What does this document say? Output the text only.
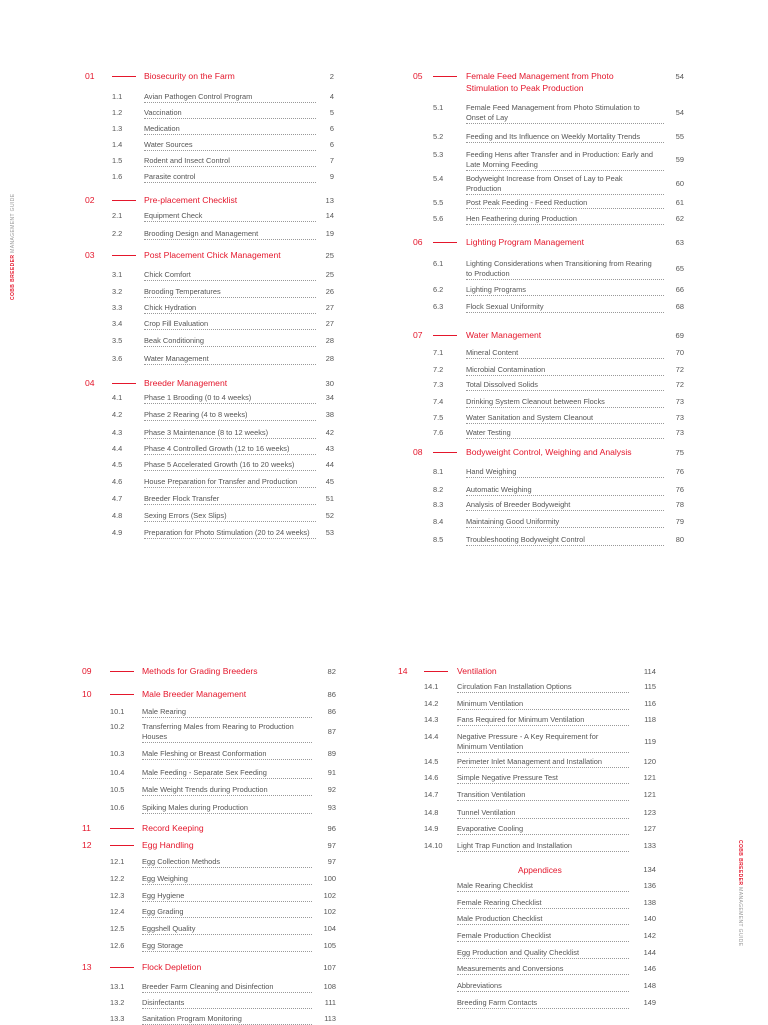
01	Biosecurity on the Farm	2
1.1	Avian Pathogen Control Program	4
1.2	Vaccination	5
1.3	Medication	6
1.4	Water Sources	6
1.5	Rodent and Insect Control	7
1.6	Parasite control	9
02	Pre-placement Checklist	13
2.1	Equipment Check	14
2.2	Brooding Design and Management	19
03	Post Placement Chick Management	25
3.1	Chick Comfort	25
3.2	Brooding Temperatures	26
3.3	Chick Hydration	27
3.4	Crop Fill Evaluation	27
3.5	Beak Conditioning	28
3.6	Water Management	28
04	Breeder Management	30
4.1	Phase 1 Brooding (0 to 4 weeks)	34
4.2	Phase 2 Rearing (4 to 8 weeks)	38
4.3	Phase 3 Maintenance (8 to 12 weeks)	42
4.4	Phase 4 Controlled Growth (12 to 16 weeks)	43
4.5	Phase 5 Accelerated Growth (16 to 20 weeks)	44
4.6	House Preparation for Transfer and Production	45
4.7	Breeder Flock Transfer	51
4.8	Sexing Errors (Sex Slips)	52
4.9	Preparation for Photo Stimulation (20 to 24 weeks)	53
05	Female Feed Management from Photo	54
Stimulation to Peak Production
5.1	Female Feed Management from Photo Stimulation to
Onset of Lay
54
5.2	Feeding and Its Influence on Weekly Mortality Trends	55
5.3	Feeding Hens after Transfer and in Production: Early and
Late Morning Feeding
59
5.4	Bodyweight Increase from Onset of Lay to Peak
Production
60
5.5	Post Peak Feeding - Feed Reduction	61
5.6	Hen Feathering during Production	62
06	Lighting Program Management	63
6.1	Lighting Considerations when Transitioning from Rearing
to Production
65
6.2	Lighting Programs	66
6.3	Flock Sexual Uniformity	68
07	Water Management	69
7.1	Mineral Content	70
7.2	Microbial Contamination	72
7.3	Total Dissolved Solids	72
7.4	Drinking System Cleanout between Flocks	73
7.5	Water Sanitation and System Cleanout	73
7.6	Water Testing	73
08	Bodyweight Control, Weighing and Analysis	75
8.1	Hand Weighing	76
8.2	Automatic Weighing	76
8.3	Analysis of Breeder Bodyweight	78
8.4	Maintaining Good Uniformity	79
8.5	Troubleshooting Bodyweight Control	80
09	Methods for Grading Breeders	82
10	Male Breeder Management	86
10.1 Male Rearing	86
10.2 Transferring Males from Rearing to Production
Houses
87
10.3 Male Fleshing or Breast Conformation	89
10.4 Male Feeding - Separate Sex Feeding	91
10.5 Male Weight Trends during Production	92
10.6 Spiking Males during Production	93
11	Record Keeping	96
12	Egg Handling	97
12.1 Egg Collection Methods	97
12.2 Egg Weighing	100
12.3 Egg Hygiene	102
12.4 Egg Grading	102
12.5 Eggshell Quality	104
12.6 Egg Storage	105
13	Flock Depletion	107
13.1 Breeder Farm Cleaning and Disinfection	108
13.2 Disinfectants	111
13.3 Sanitation Program Monitoring	113
14	Ventilation	114
14.1	Circulation Fan Installation Options	115
14.2	Minimum Ventilation	116
14.3	Fans Required for Minimum Ventilation	118
14.4	Negative Pressure - A Key Requirement for
Minimum Ventilation
119
14.5	Perimeter Inlet Management and Installation	120
14.6	Simple Negative Pressure Test	121
14.7	Transition Ventilation	121
14.8	Tunnel Ventilation	123
14.9	Evaporative Cooling	127
14.10 Light Trap Function and Installation	133
Appendices	134
Male Rearing Checklist	136
Female Rearing Checklist	138
Male Production Checklist	140
Female Production Checklist	142
Egg Production and Quality Checklist	144
Measurements and Conversions	146
Abbreviations	148
Breeding Farm Contacts	149
COBB BREEDER MANAGEMENT GUIDE
COBB BREEDER MANAGEMENT GUIDE
